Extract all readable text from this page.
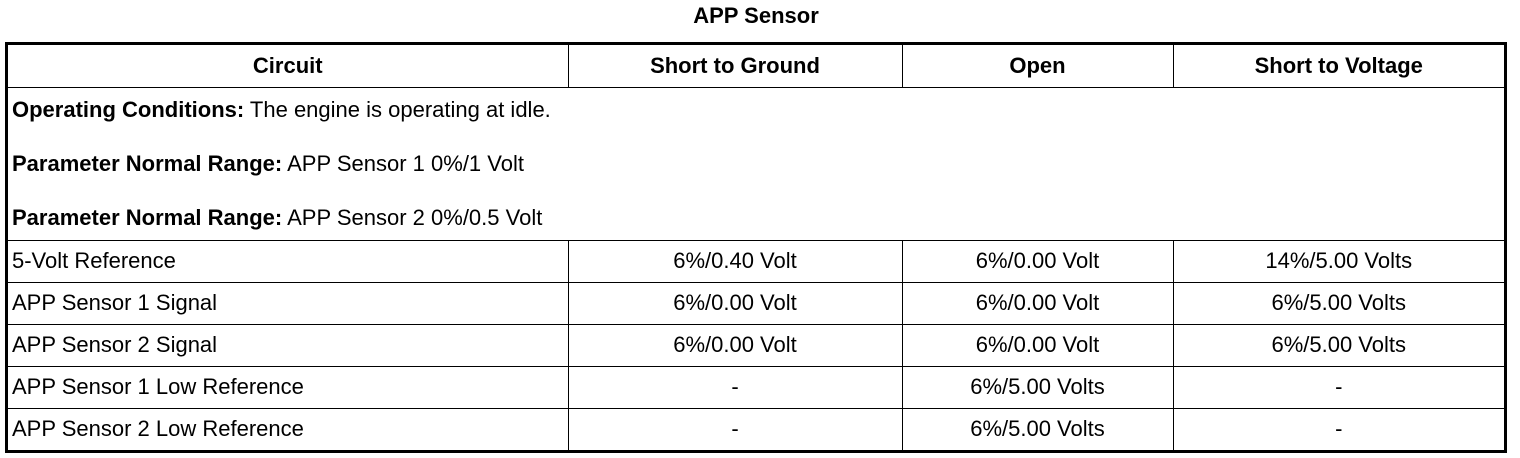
APP Sensor
Circuit	Short to Ground	Open	Short to Voltage

Operating Conditions: The engine is operating at idle.
Parameter Normal Range: APP Sensor 1 0%/1 Volt
Parameter Normal Range: APP Sensor 2 0%/0.5 Volt			

5-Volt Reference	6%/0.40 Volt	6%/0.00 Volt	14%/5.00 Volts
APP Sensor 1 Signal	6%/0.00 Volt	6%/0.00 Volt	6%/5.00 Volts
APP Sensor 2 Signal	6%/0.00 Volt	6%/0.00 Volt	6%/5.00 Volts
APP Sensor 1 Low Reference	-	6%/5.00 Volts	-
APP Sensor 2 Low Reference	-	6%/5.00 Volts	-
